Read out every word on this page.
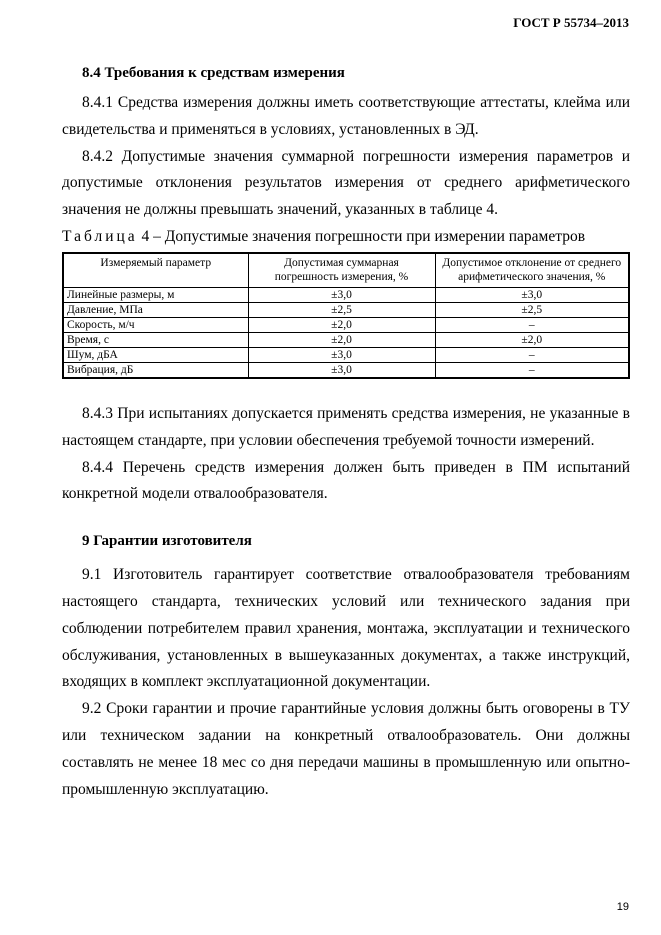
ГОСТ Р 55734–2013
8.4 Требования к средствам измерения

8.4.1 Средства измерения должны иметь соответствующие аттестаты, клейма или свидетельства и применяться в условиях, установленных в ЭД.

8.4.2 Допустимые значения суммарной погрешности измерения параметров и допустимые отклонения результатов измерения от среднего арифметического значения не должны превышать значений, указанных в таблице 4.

Таблица 4 – Допустимые значения погрешности при измерении параметров
Измеряемый параметр	Допустимая суммарная погрешность измерения, %	Допустимое отклонение от среднего арифметического значения, %
Линейные размеры, м	±3,0	±3,0
Давление, МПа	±2,5	±2,5
Скорость, м/ч	±2,0	–
Время, с	±2,0	±2,0
Шум, дБА	±3,0	–
Вибрация, дБ	±3,0	–

8.4.3 При испытаниях допускается применять средства измерения, не указанные в настоящем стандарте, при условии обеспечения требуемой точности измерений.

8.4.4 Перечень средств измерения должен быть приведен в ПМ испытаний конкретной модели отвалообразователя.

9 Гарантии изготовителя

9.1 Изготовитель гарантирует соответствие отвалообразователя требованиям настоящего стандарта, технических условий или технического задания при соблюдении потребителем правил хранения, монтажа, эксплуатации и технического обслуживания, установленных в вышеуказанных документах, а также инструкций, входящих в комплект эксплуатационной документации.

9.2 Сроки гарантии и прочие гарантийные условия должны быть оговорены в ТУ или техническом задании на конкретный отвалообразователь. Они должны составлять не менее 18 мес со дня передачи машины в промышленную или опытно-промышленную эксплуатацию.

19
